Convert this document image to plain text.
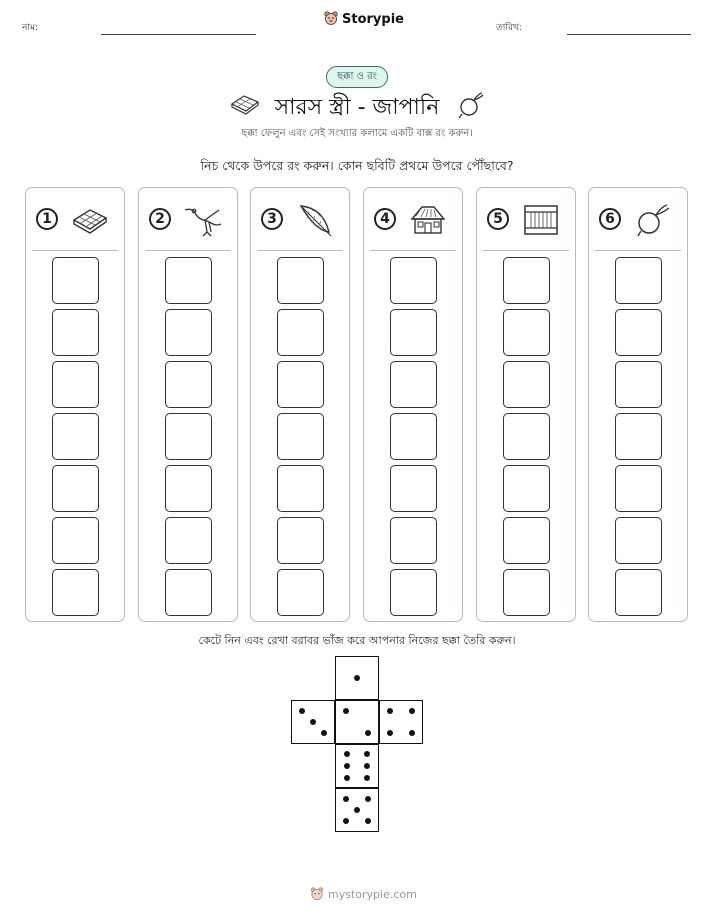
নাম:
Storypie
তারিখ:
ছক্কা ও রং
সারস স্ত্রী - জাপানি
ছক্কা ফেলুন এবং সেই সংখ্যার কলামে একটি বাক্স রং করুন।
নিচ থেকে উপরে রং করুন। কোন ছবিটি প্রথমে উপরে পৌঁছাবে?
1	2	3	4	5	6
কেটে নিন এবং রেখা বরাবর ভাঁজ করে আপনার নিজের ছক্কা তৈরি করুন।
mystorypie.com
